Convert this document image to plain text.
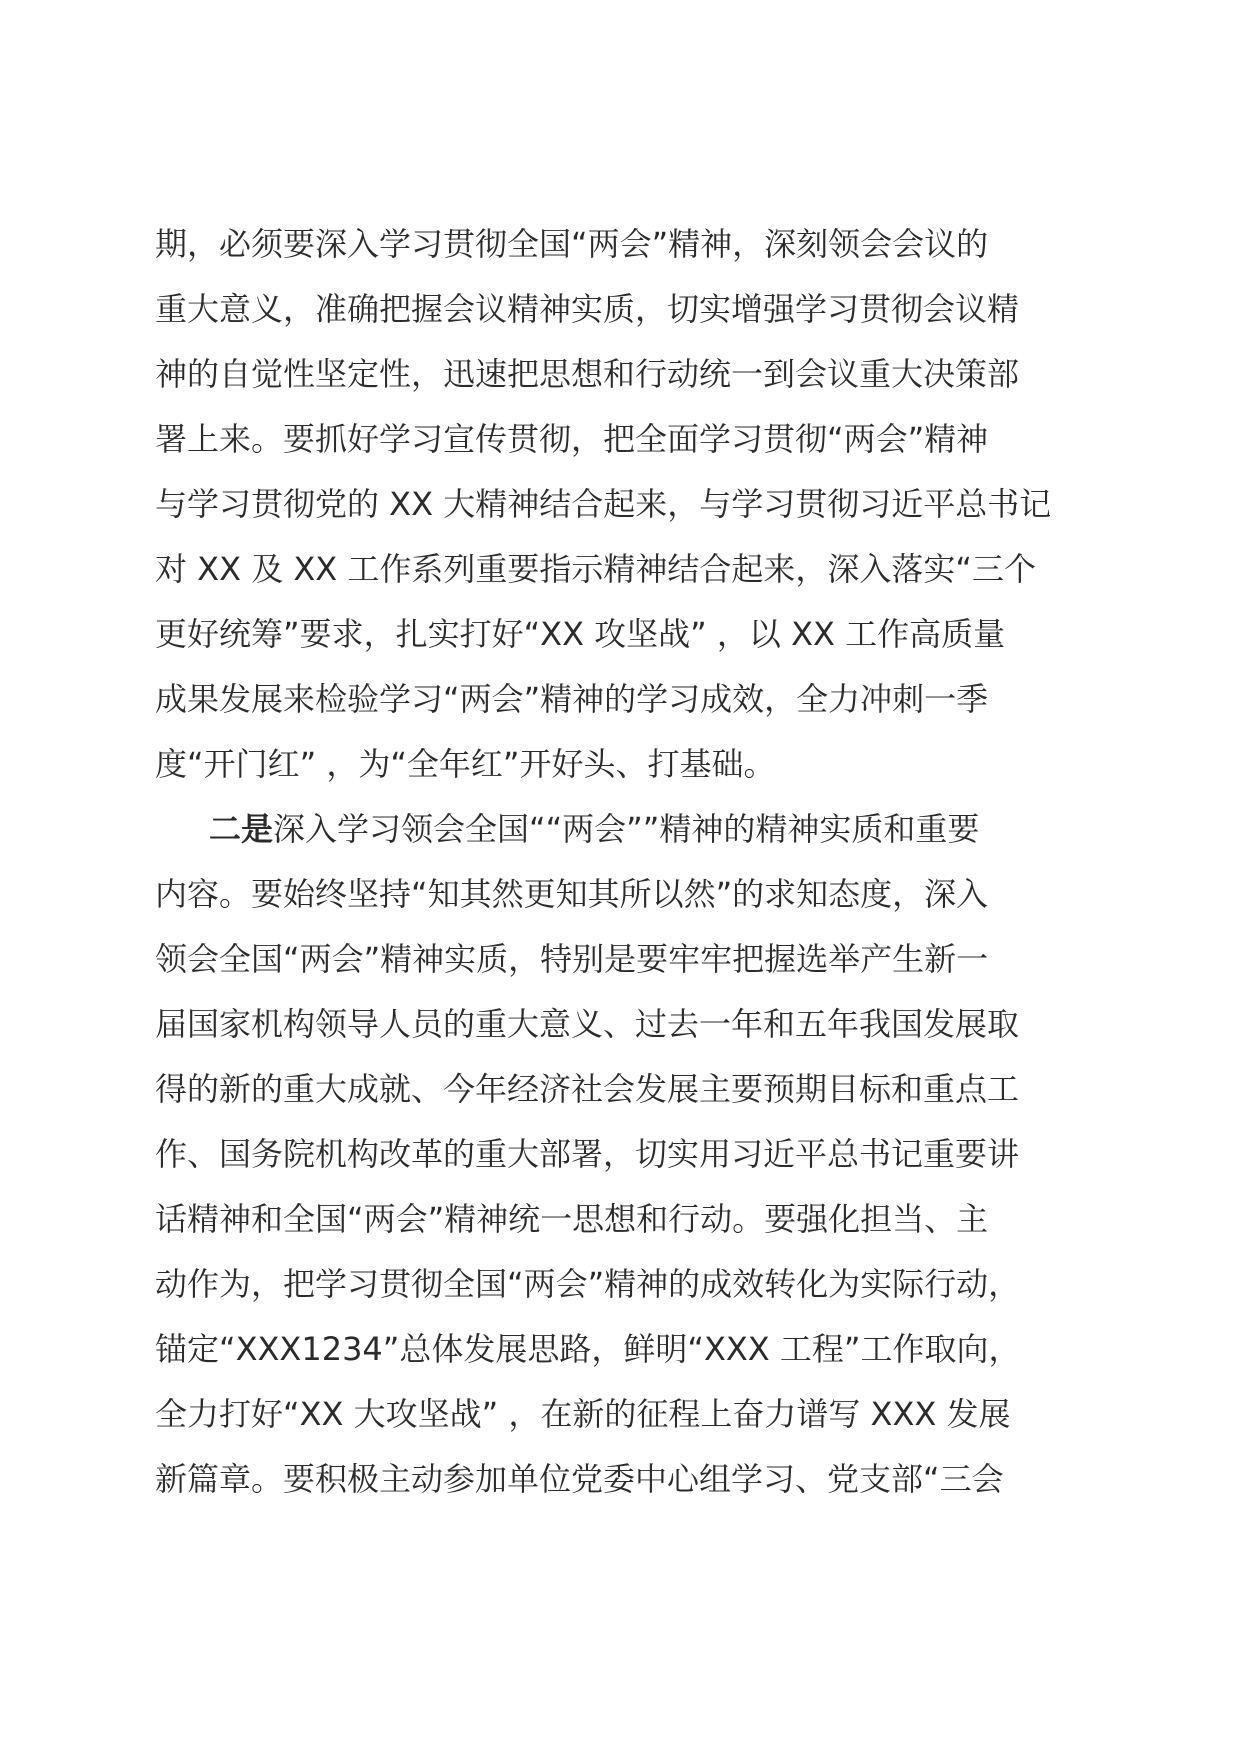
期，必须要深入学习贯彻全国“两会”精神，深刻领会会议的
重大意义，准确把握会议精神实质，切实增强学习贯彻会议精
神的自觉性坚定性，迅速把思想和行动统一到会议重大决策部
署上来。要抓好学习宣传贯彻，把全面学习贯彻“两会”精神
与学习贯彻党的 XX 大精神结合起来，与学习贯彻习近平总书记
对 XX 及 XX 工作系列重要指示精神结合起来，深入落实“三个
更好统筹”要求，扎实打好“XX 攻坚战” ，以 XX 工作高质量
成果发展来检验学习“两会”精神的学习成效，全力冲刺一季
度“开门红” ，为“全年红”开好头、打基础。
二是深入学习领会全国““两会””精神的精神实质和重要
内容。要始终坚持“知其然更知其所以然”的求知态度，深入
领会全国“两会”精神实质，特别是要牢牢把握选举产生新一
届国家机构领导人员的重大意义、过去一年和五年我国发展取
得的新的重大成就、今年经济社会发展主要预期目标和重点工
作、国务院机构改革的重大部署，切实用习近平总书记重要讲
话精神和全国“两会”精神统一思想和行动。要强化担当、主
动作为，把学习贯彻全国“两会”精神的成效转化为实际行动，
锚定“XXX1234”总体发展思路，鲜明“XXX 工程”工作取向，
全力打好“XX 大攻坚战” ，在新的征程上奋力谱写 XXX 发展
新篇章。要积极主动参加单位党委中心组学习、党支部“三会
